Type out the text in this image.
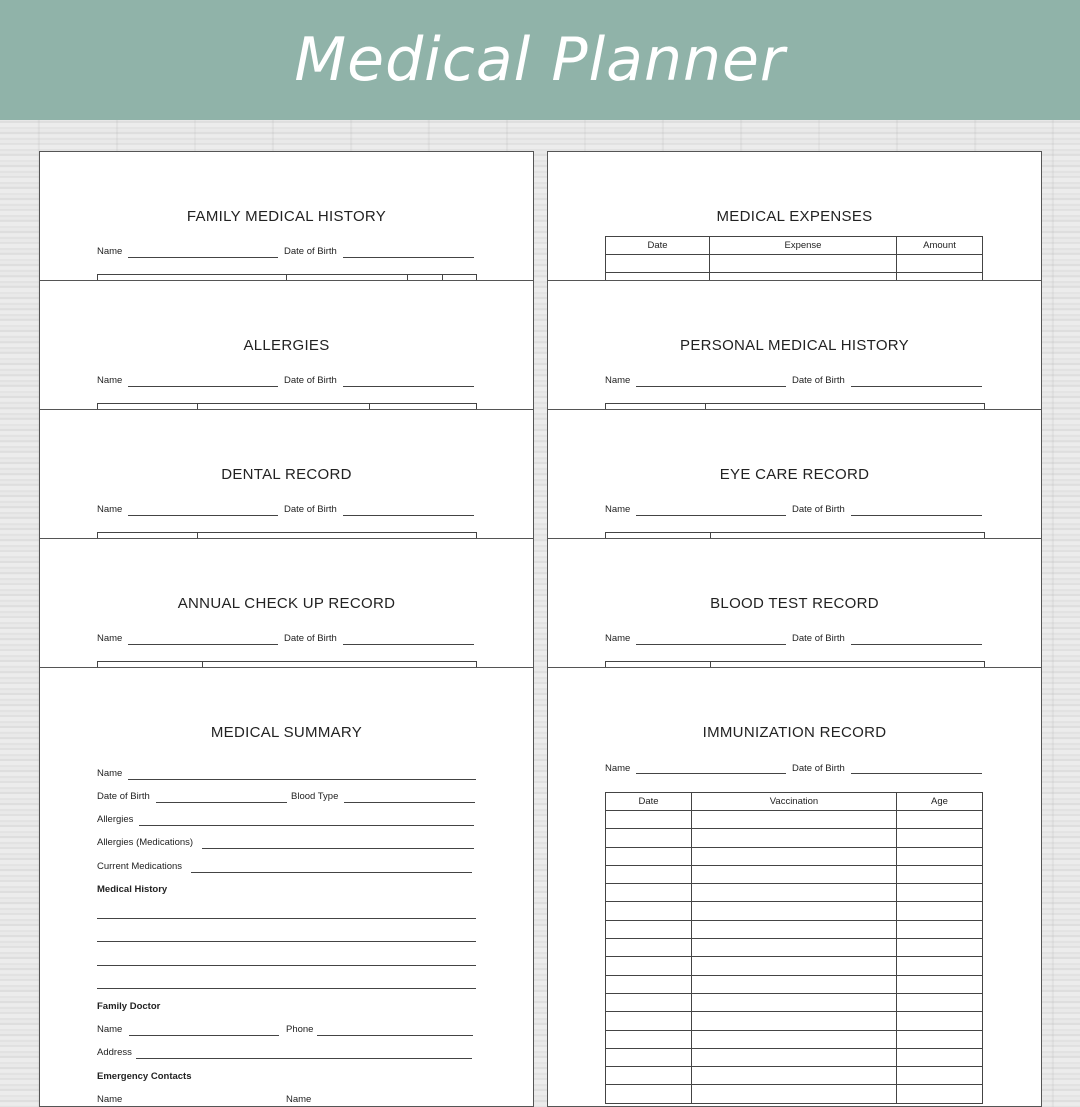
Medical Planner
FAMILY MEDICAL HISTORY
Name	Date of Birth
MEDICAL EXPENSES
Date	Expense	Amount

ALLERGIES
Name	Date of Birth
PERSONAL MEDICAL HISTORY
Name	Date of Birth
DENTAL RECORD
Name	Date of Birth
EYE CARE RECORD
Name	Date of Birth
ANNUAL CHECK UP RECORD
Name	Date of Birth
BLOOD TEST RECORD
Name	Date of Birth
MEDICAL SUMMARY
Name
Date of Birth	Blood Type
Allergies
Allergies (Medications)
Current Medications
Medical History
Family Doctor
Name	Phone
Address
Emergency Contacts
Name	Name
IMMUNIZATION RECORD
Name	Date of Birth
Date	Vaccination	Age
